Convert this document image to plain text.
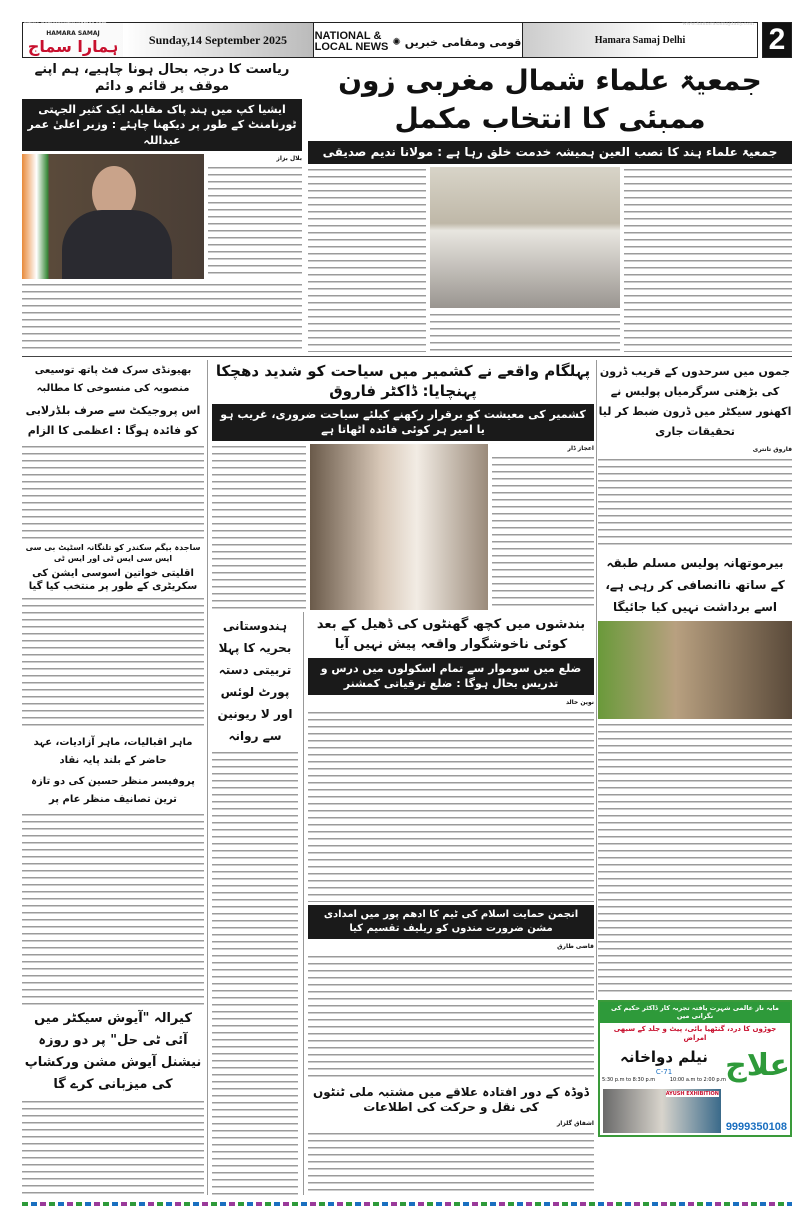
HAMARA SAMAJ
ہمارا سماج	Sunday,14 September 2025	NATIONAL &
LOCAL NEWS ✺ قومی ومقامی خبریں	Hamara Samaj Delhi
Email: hamarasamaj@gmail.com	www.hamarasamajdaily.com 2
ریاست کا درجہ بحال ہونا چاہیے، ہم اپنے موقف پر قائم و دائم
ایشیا کپ میں ہند پاک مقابلہ ایک کثیر الجہتی ٹورنامنٹ کے طور پر دیکھنا چاہئے : وزیر اعلیٰ عمر عبداللہ
بلال بزاز
جمعیۃ علماء شمال مغربی زون ممبئی کا انتخاب مکمل
جمعیۃ علماء ہند کا نصب العین ہمیشہ خدمت خلق رہا ہے : مولانا ندیم صدیقی
جموں میں سرحدوں کے قریب ڈرون کی بڑھتی سرگرمیاں پولیس نے اکھنور سیکٹر میں ڈرون ضبط کر لیا تحقیقات جاری
فاروق تانتری
بیرموتھانہ پولیس مسلم طبقہ کے ساتھ ناانصافی کر رہی ہے، اسے برداشت نہیں کیا جائیگا
مایہ ناز عالمی شہرت یافتہ تجربہ کار ڈاکٹر حکیم کی نگرانی میں
جوڑوں کا درد، گنٹھیا بائی، پیٹ و جلد کے سبھی امراض
علاج
نیلم دواخانہ
C-71
5:30 p.m to 8:30 p.m	10:00 a.m to 2:00 p.m
AYUSH EXHIBITION
9999350108
پہلگام واقعے نے کشمیر میں سیاحت کو شدید دھچکا پہنچایا: ڈاکٹر فاروق
کشمیر کی معیشت کو برقرار رکھنے کیلئے سیاحت ضروری، غریب ہو یا امیر ہر کوئی فائدہ اٹھاتا ہے
اعجاز ڈار
ہندوستانی بحریہ کا پہلا تربیتی دستہ پورٹ لوئس اور لا ریونین سے روانہ
بندشوں میں کچھ گھنٹوں کی ڈھیل کے بعد کوئی ناخوشگوار واقعہ پیش نہیں آیا
ضلع میں سوموار سے تمام اسکولوں میں درس و تدریس بحال ہوگا : ضلع ترقیاتی کمشنر
نوین خالد
انجمن حمایت اسلام کی ٹیم کا ادھم پور میں امدادی مشن ضرورت مندوں کو ریلیف تقسیم کیا
قاضی طارق
ڈوڈہ کے دور افتادہ علاقے میں مشتبہ ملی ٹنٹوں کی نقل و حرکت کی اطلاعات
اشفاق گلزار
بھیونڈی سرک فٹ پاتھ توسیعی منصوبہ کی منسوخی کا مطالبہ
اس پروجیکٹ سے صرف بلڈرلابی کو فائدہ ہوگا : اعظمی کا الزام
ساجدہ بیگم سکندر کو تلنگانہ اسٹیٹ بی سی ایس سی ایس ٹی اور ایس ٹی
اقلیتی خواتین اسوسی ایشن کی سکریٹری کے طور پر منتخب کیا گیا
ماہر اقبالیات، ماہر آزادیات، عہد حاضر کے بلند پایہ نقاد
پروفیسر منظر حسین کی دو تازہ ترین تصانیف منظر عام پر
کیرالہ "آیوش سیکٹر میں آئی ٹی حل" پر دو روزہ نیشنل آیوش مشن ورکشاپ کی میزبانی کرے گا
